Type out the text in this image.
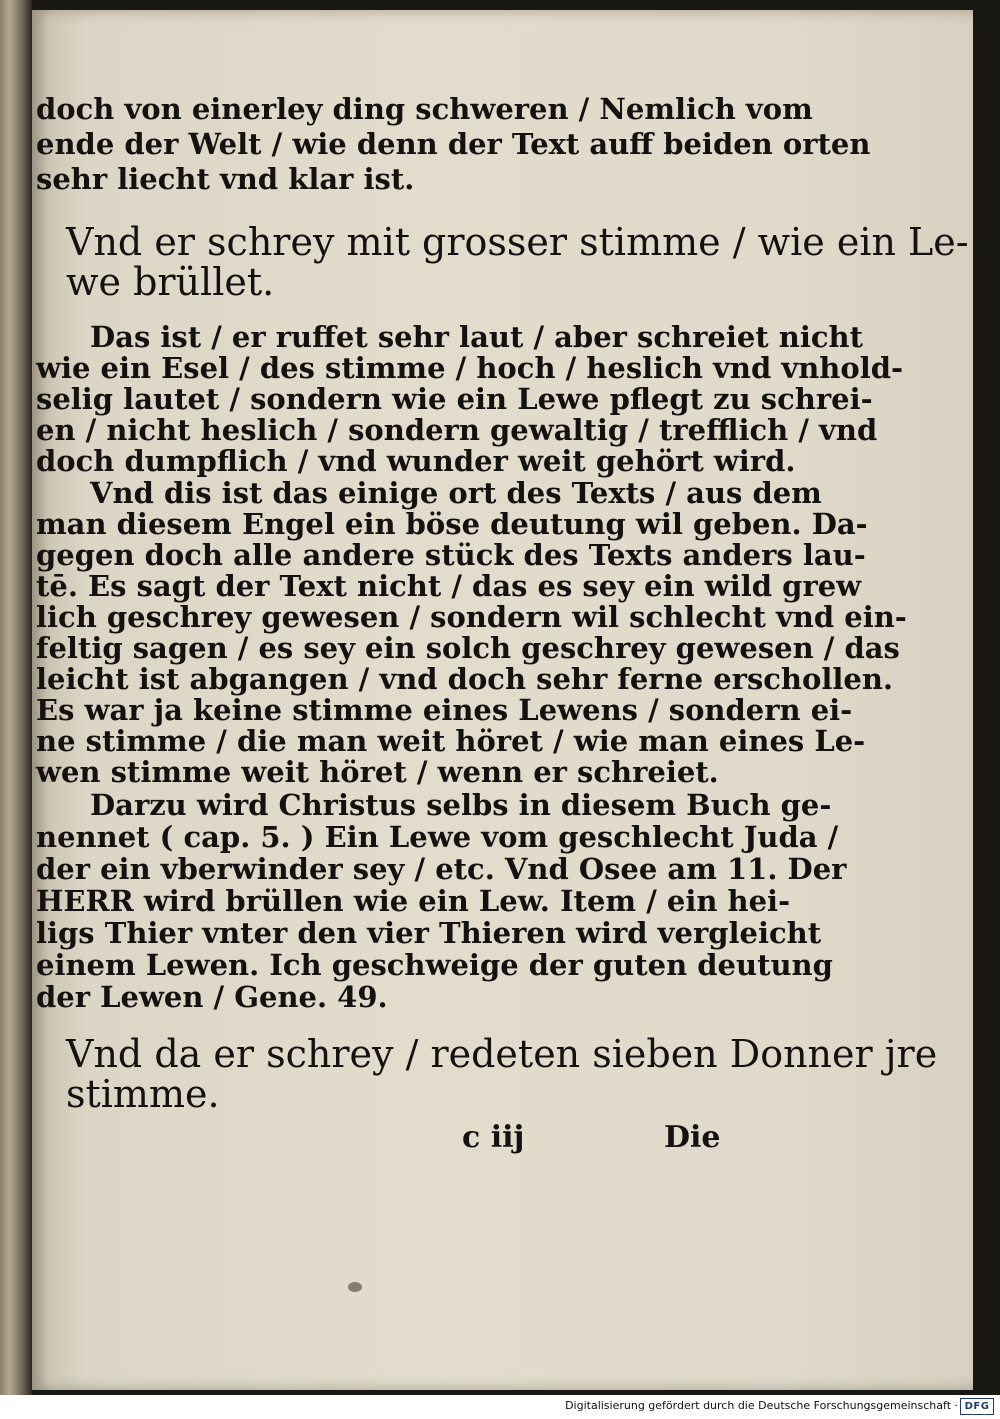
doch von einerley ding schweren / Nemlich vom
ende der Welt / wie denn der Text auff beiden orten
sehr liecht vnd klar ist.
Vnd er schrey mit grosser stimme / wie ein Le-
we brüllet.
Das ist / er ruffet sehr laut / aber schreiet nicht
wie ein Esel / des stimme / hoch / heslich vnd vnhold-
selig lautet / sondern wie ein Lewe pflegt zu schrei-
en / nicht heslich / sondern gewaltig / trefflich / vnd
doch dumpflich / vnd wunder weit gehört wird.
Vnd dis ist das einige ort des Texts / aus dem
man diesem Engel ein böse deutung wil geben. Da-
gegen doch alle andere stück des Texts anders lau-
tē. Es sagt der Text nicht / das es sey ein wild grew
lich geschrey gewesen / sondern wil schlecht vnd ein-
feltig sagen / es sey ein solch geschrey gewesen / das
leicht ist abgangen / vnd doch sehr ferne erschollen.
Es war ja keine stimme eines Lewens / sondern ei-
ne stimme / die man weit höret / wie man eines Le-
wen stimme weit höret / wenn er schreiet.
Darzu wird Christus selbs in diesem Buch ge-
nennet ( cap. 5. ) Ein Lewe vom geschlecht Juda /
der ein vberwinder sey / etc. Vnd Osee am 11. Der
HERR wird brüllen wie ein Lew. Item / ein hei-
ligs Thier vnter den vier Thieren wird vergleicht
einem Lewen. Ich geschweige der guten deutung
der Lewen / Gene. 49.
Vnd da er schrey / redeten sieben Donner jre
stimme.
c iij	Die
Digitalisierung gefördert durch die Deutsche Forschungsgemeinschaft · DFG
